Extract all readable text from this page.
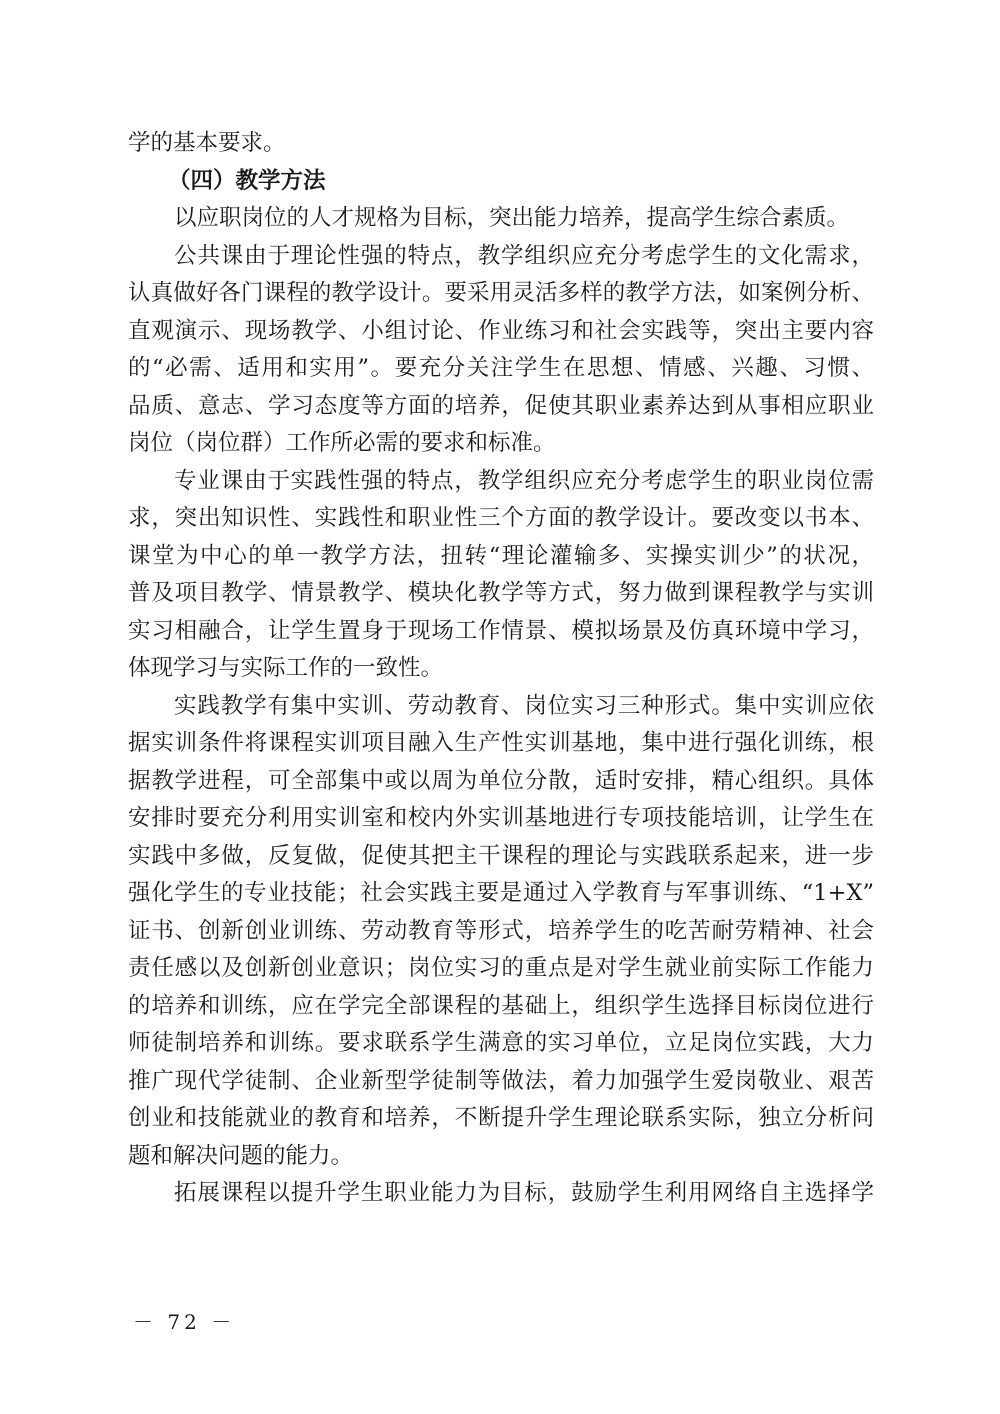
学的基本要求。
（四）教学方法
以应职岗位的人才规格为目标，突出能力培养，提高学生综合素质。
公共课由于理论性强的特点，教学组织应充分考虑学生的文化需求，
认真做好各门课程的教学设计。要采用灵活多样的教学方法，如案例分析、
直观演示、现场教学、小组讨论、作业练习和社会实践等，突出主要内容
的“必需、适用和实用”。要充分关注学生在思想、情感、兴趣、习惯、
品质、意志、学习态度等方面的培养，促使其职业素养达到从事相应职业
岗位（岗位群）工作所必需的要求和标准。
专业课由于实践性强的特点，教学组织应充分考虑学生的职业岗位需
求，突出知识性、实践性和职业性三个方面的教学设计。要改变以书本、
课堂为中心的单一教学方法，扭转“理论灌输多、实操实训少”的状况，
普及项目教学、情景教学、模块化教学等方式，努力做到课程教学与实训
实习相融合，让学生置身于现场工作情景、模拟场景及仿真环境中学习，
体现学习与实际工作的一致性。
实践教学有集中实训、劳动教育、岗位实习三种形式。集中实训应依
据实训条件将课程实训项目融入生产性实训基地，集中进行强化训练，根
据教学进程，可全部集中或以周为单位分散，适时安排，精心组织。具体
安排时要充分利用实训室和校内外实训基地进行专项技能培训，让学生在
实践中多做，反复做，促使其把主干课程的理论与实践联系起来，进一步
强化学生的专业技能；社会实践主要是通过入学教育与军事训练、“1+X”
证书、创新创业训练、劳动教育等形式，培养学生的吃苦耐劳精神、社会
责任感以及创新创业意识；岗位实习的重点是对学生就业前实际工作能力
的培养和训练，应在学完全部课程的基础上，组织学生选择目标岗位进行
师徒制培养和训练。要求联系学生满意的实习单位，立足岗位实践，大力
推广现代学徒制、企业新型学徒制等做法，着力加强学生爱岗敬业、艰苦
创业和技能就业的教育和培养，不断提升学生理论联系实际，独立分析问
题和解决问题的能力。
拓展课程以提升学生职业能力为目标，鼓励学生利用网络自主选择学
－ 72 －
